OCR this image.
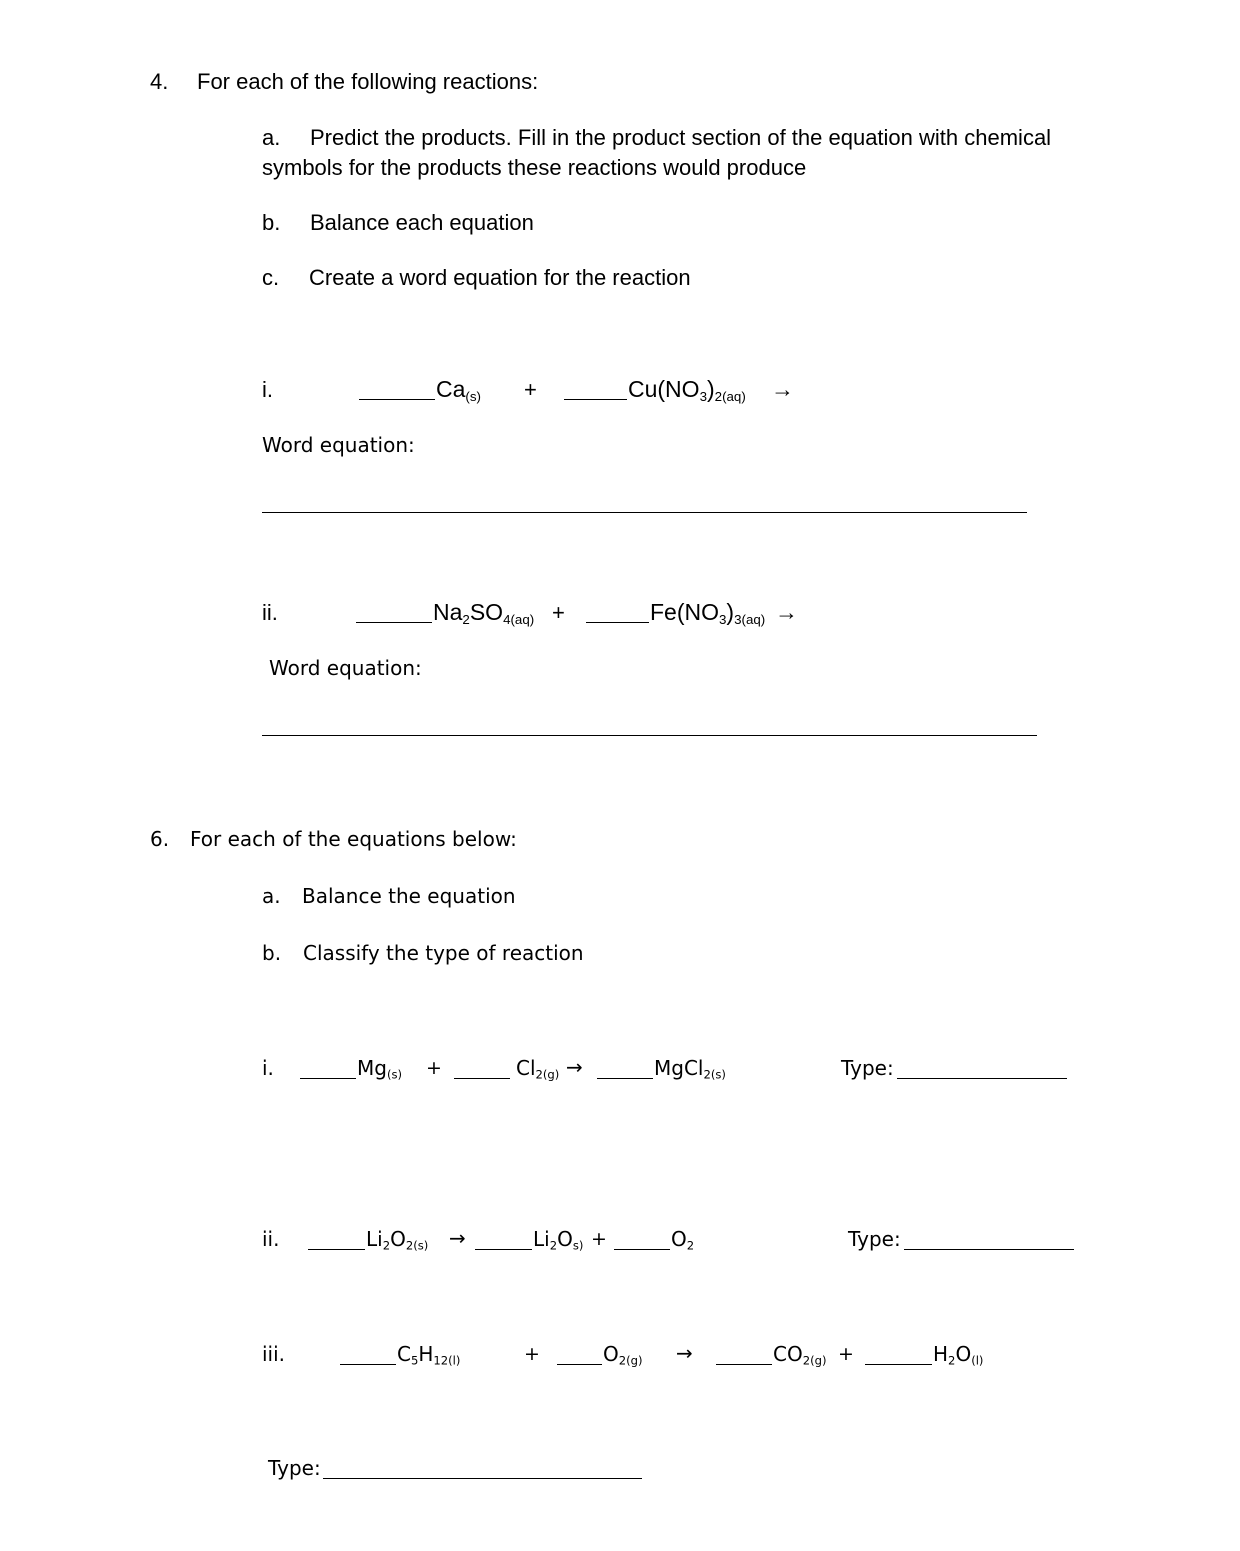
4. For each of the following reactions:
a. Predict the products. Fill in the product section of the equation with chemical
symbols for the products these reactions would produce
b. Balance each equation
c. Create a word equation for the reaction
i.	$Ca_{(s)}$ +	$Cu(NO_3)_{2(aq)}$ →
Word equation:
ii.	$Na_2SO_{4(aq)}$ +	$Fe(NO_3)_{3(aq)}$ →
Word equation:
6. For each of the equations below:
a. Balance the equation
b. Classify the type of reaction
i.	$Mg_{(s)}$ +	$Cl_{2(g)}$ →	MgCl$_{2(s)}$	Type:
ii.	$Li_2O_{2(s)}$ →	$Li_2O_{s)}$ +	$O_2$	Type:
iii.	$C_5H_{12(l)}$	+	$O_{2(g)}$ →	$CO_{2(g)}$ +	$H_2O_{(l)}$
Type:
